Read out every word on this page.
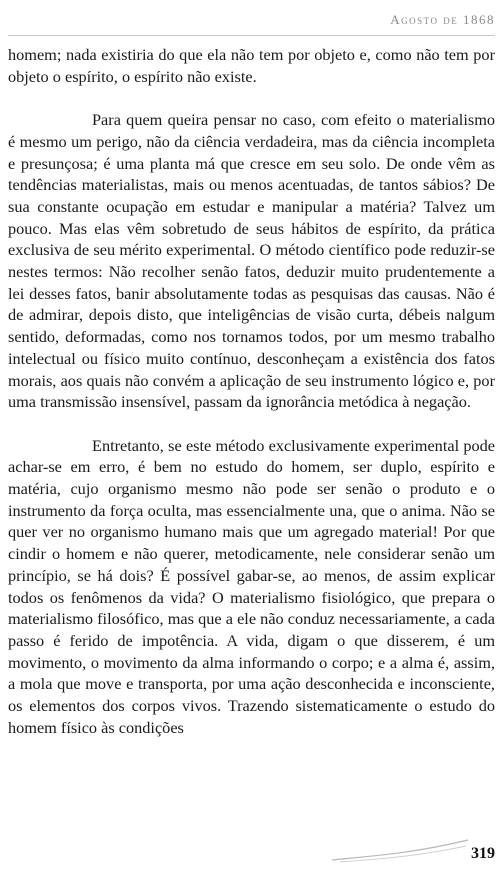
Agosto de 1868

homem; nada existiria do que ela não tem por objeto e, como não tem por objeto o espírito, o espírito não existe.

Para quem queira pensar no caso, com efeito o materialismo é mesmo um perigo, não da ciência verdadeira, mas da ciência incompleta e presunçosa; é uma planta má que cresce em seu solo. De onde vêm as tendências materialistas, mais ou menos acentuadas, de tantos sábios? De sua constante ocupação em estudar e manipular a matéria? Talvez um pouco. Mas elas vêm sobretudo de seus hábitos de espírito, da prática exclusiva de seu mérito experimental. O método científico pode reduzir-se nestes termos: Não recolher senão fatos, deduzir muito prudentemente a lei desses fatos, banir absolutamente todas as pesquisas das causas. Não é de admirar, depois disto, que inteligências de visão curta, débeis nalgum sentido, deformadas, como nos tornamos todos, por um mesmo trabalho intelectual ou físico muito contínuo, desconheçam a existência dos fatos morais, aos quais não convém a aplicação de seu instrumento lógico e, por uma transmissão insensível, passam da ignorância metódica à negação.

Entretanto, se este método exclusivamente experimental pode achar-se em erro, é bem no estudo do homem, ser duplo, espírito e matéria, cujo organismo mesmo não pode ser senão o produto e o instrumento da força oculta, mas essencialmente una, que o anima. Não se quer ver no organismo humano mais que um agregado material! Por que cindir o homem e não querer, metodicamente, nele considerar senão um princípio, se há dois? É possível gabar-se, ao menos, de assim explicar todos os fenômenos da vida? O materialismo fisiológico, que prepara o materialismo filosófico, mas que a ele não conduz necessariamente, a cada passo é ferido de impotência. A vida, digam o que disserem, é um movimento, o movimento da alma informando o corpo; e a alma é, assim, a mola que move e transporta, por uma ação desconhecida e inconsciente, os elementos dos corpos vivos. Trazendo sistematicamente o estudo do homem físico às condições

319
